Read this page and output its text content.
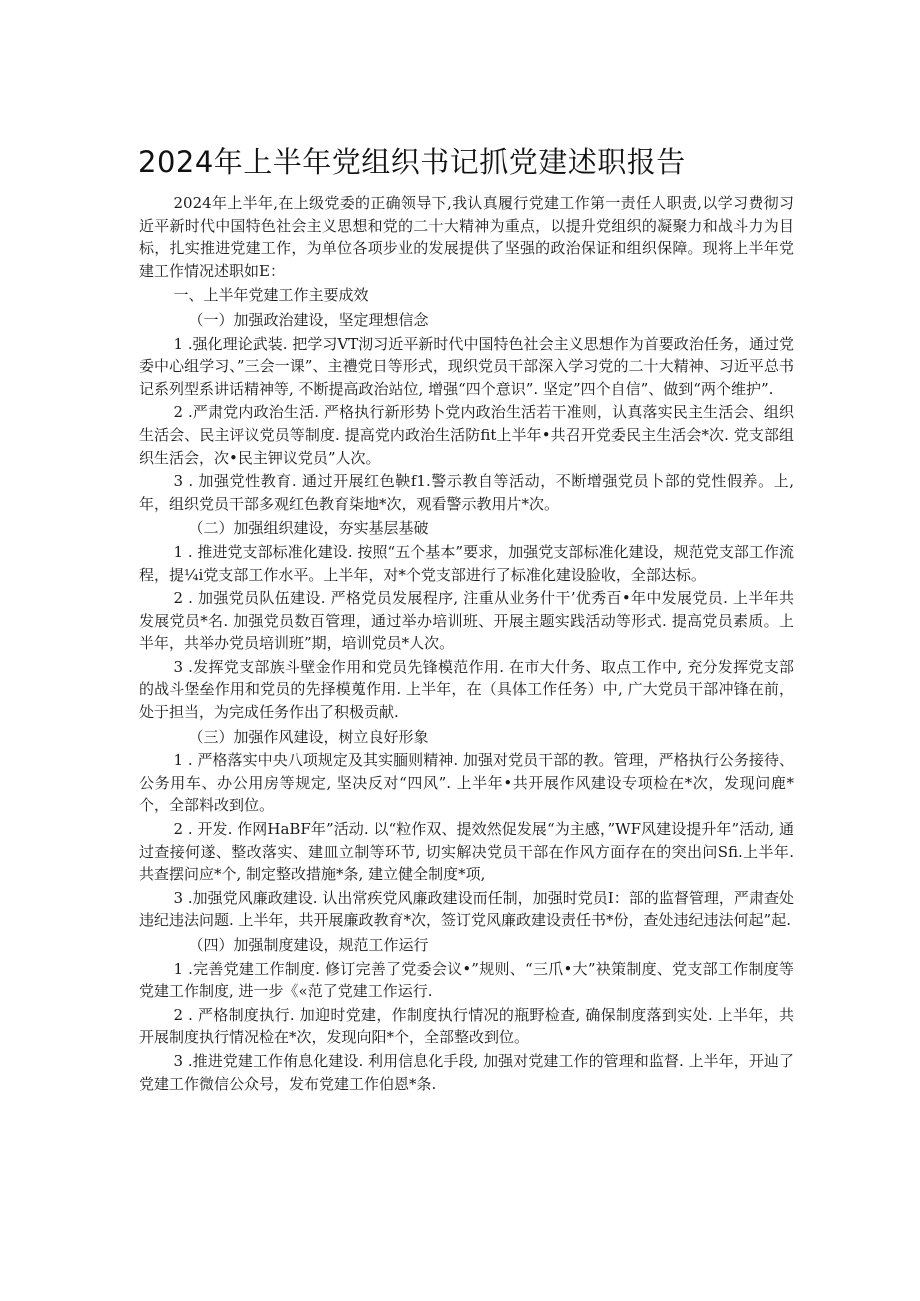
2024年上半年党组织书记抓党建述职报告

2024年上半年,在上级党委的正确领导下,我认真履行党建工作第一责任人职责,以学习费彻习近平新时代中国特色社会主义思想和党的二十大精神为重点，以提升党组织的凝聚力和战斗力为目标，扎实推进党建工作，为单位各项步业的发展提供了坚强的政治保证和组织保障。现将上半年党建工作情况述职如E：

一、上半年党建工作主要成效

（一）加强政治建设，坚定理想信念

1 .强化理论武装. 把学习VT沏习近平新时代中国特色社会主义思想作为首要政治任务，通过党委中心组学习、”三会一课”、主禮党日等形式，现织党员干部深入学习党的二十大精神、习近平总书记系列型系讲话精神等, 不断提高政治站位, 增强“四个意识”. 坚定”四个自信”、做到“两个维护”.

2 .严肃党内政治生活. 严格执行新形势卜党内政治生活若干准则，认真落实民主生活会、组织生活会、民主评议党员等制度. 提高党内政治生活防fit上半年•共召开党委民主生活会*次. 党支部组织生活会，次•民主钾议党员”人次。

3 . 加强党性教育. 通过开展红色鞅f1.警示教自等活动，不断增强党员卜部的党性假养。上,年，组织党员干部多观红色教育柒地*次，观看警示教用片*次。

（二）加强组织建设，夯实基层基破

1 . 推进党支部标准化建设. 按照“五个基本”要求，加强党支部标准化建设，规范党支部工作流程，提¼i党支部工作水平。上半年，对*个党支部进行了标准化建设脸收，全部达标。

2 . 加强党员队伍建设. 严格党员发展程序, 注重从业务什干’优秀百•年中发展党员. 上半年共发展党员*名. 加强党员数百管理，通过举办培训班、开展主题实践活动等形式. 提高党员素质。上半年，共举办党员培训班”期，培训党员*人次。

3 .发挥党支部族斗壁金作用和党员先锋模范作用. 在市大什务、取点工作中, 充分发挥党支部的战斗堡垒作用和党员的先择模蒐作用. 上半年，在（具体工作任务）中, 广大党员干部冲锋在前，处于担当，为完成任务作出了积极贡献.

（三）加强作风建设，树立良好形象

1 . 严格落实中央八项规定及其实腼则精神. 加强对党员干部的教。管理，严格执行公务接待、公务用车、办公用房等规定, 坚决反对“四风”. 上半年•共开展作风建设专项检在*次，发现问鹿*个，全部料改到位。

2 . 开发. 作网HaBF年”活动. 以“粒作双、提效然促发展“为主感，”WF风建设提升年”活动, 通过查接何遂、整改落实、建皿立制等环节, 切实解决党员干部在作风方面存在的突出问Sfi.上半年. 共查摆问应*个, 制定整改措施*条, 建立健全制度*项,

3 .加强党风廉政建设. 认出常疾党风廉政建设而任制，加强时党员I：部的监督管理，严肃查处违纪违法问题. 上半年，共开展廉政教育*次，签订党风廉政建设责任书*份，查处违纪违法何起”起.

（四）加强制度建设，规范工作运行

1 .完善党建工作制度. 修订完善了党委会议•”规则、“三爪•大”袂策制度、党支部工作制度等党建工作制度, 进一步《«范了党建工作运行.

2 . 严格制度执行. 加迎时党建，作制度执行情况的瓶野检查, 确保制度落到实处. 上半年，共开展制度执行情况检在*次，发现向阳*个，全部整改到位。

3 .推进党建工作侑息化建设. 利用信息化手段, 加强对党建工作的管理和监督. 上半年，开辿了党建工作微信公众号，发布党建工作伯恩*条.
